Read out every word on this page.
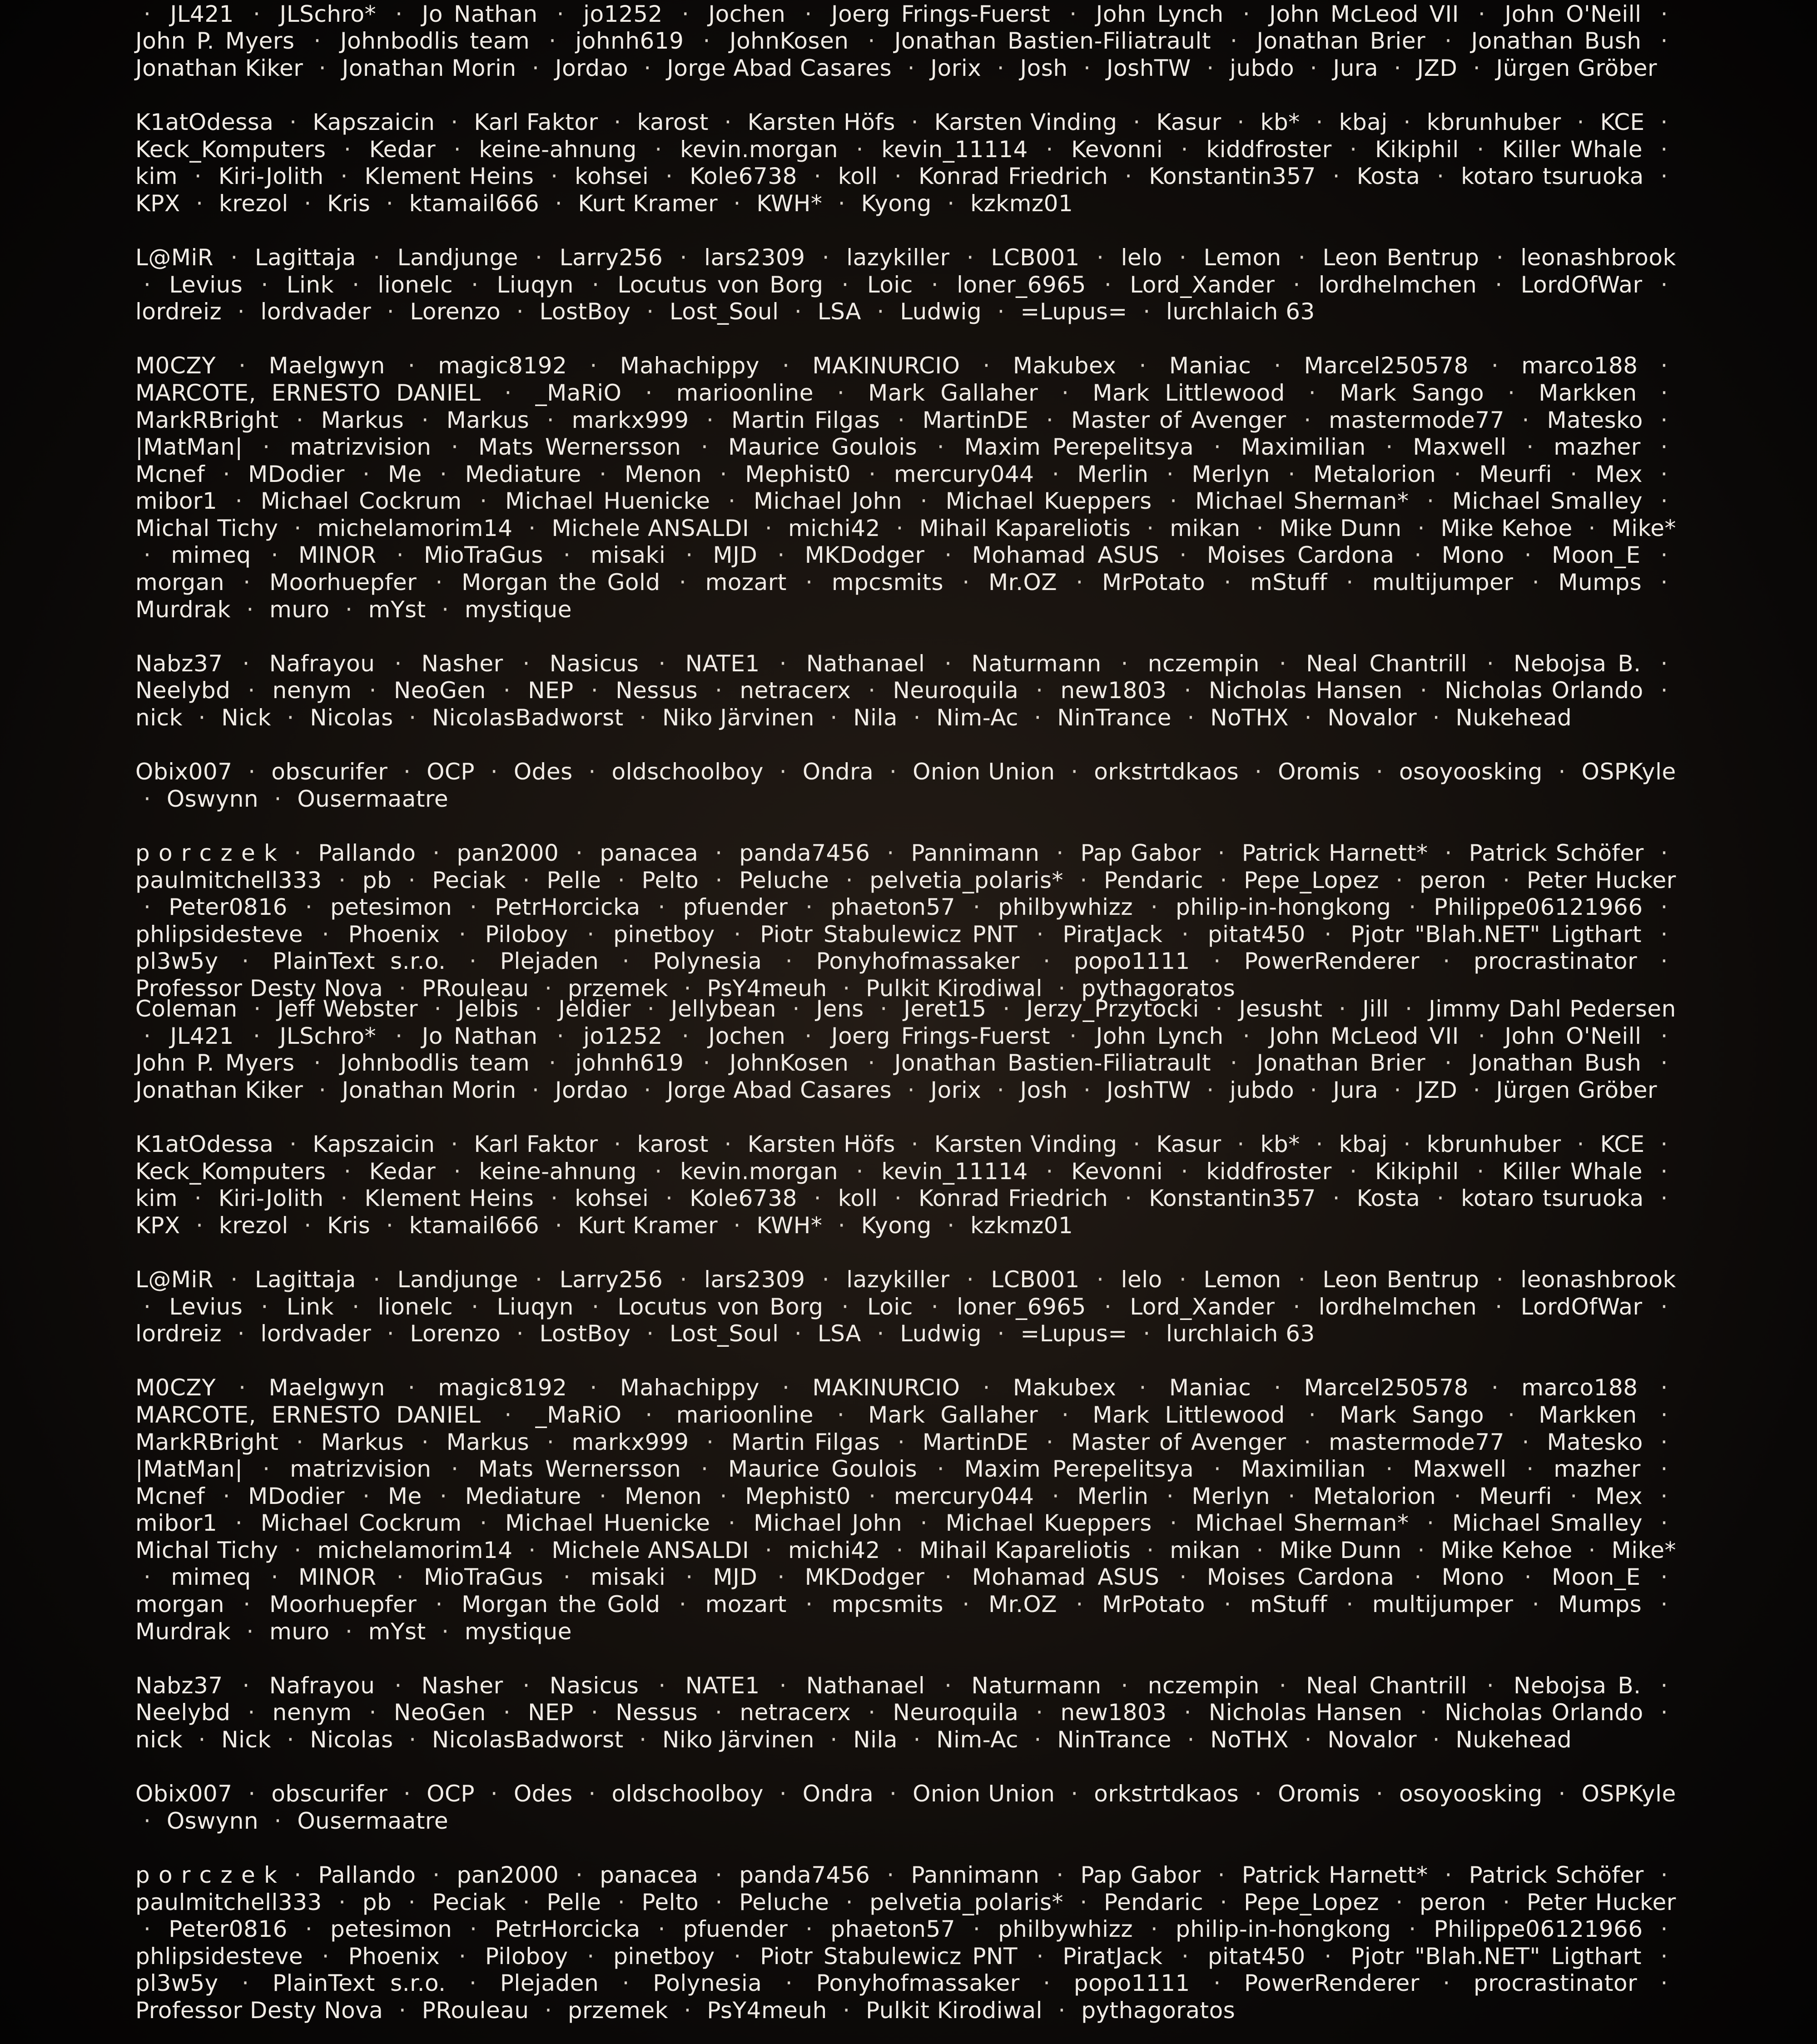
· JL421 · JLSchro* · Jo Nathan · jo1252 · Jochen · Joerg Frings-Fuerst · John Lynch · John McLeod VII · John O'Neill · John P. Myers · Johnbodlis team · johnh619 · JohnKosen · Jonathan Bastien-Filiatrault · Jonathan Brier · Jonathan Bush · Jonathan Kiker · Jonathan Morin · Jordao · Jorge Abad Casares · Jorix · Josh · JoshTW · jubdo · Jura · JZD · Jürgen Gröber

K1atOdessa · Kapszaicin · Karl Faktor · karost · Karsten Höfs · Karsten Vinding · Kasur · kb* · kbaj · kbrunhuber · KCE · Keck_Komputers · Kedar · keine-ahnung · kevin.morgan · kevin_11114 · Kevonni · kiddfroster · Kikiphil · Killer Whale · kim · Kiri-Jolith · Klement Heins · kohsei · Kole6738 · koll · Konrad Friedrich · Konstantin357 · Kosta · kotaro tsuruoka · KPX · krezol · Kris · ktamail666 · Kurt Kramer · KWH* · Kyong · kzkmz01

L@MiR · Lagittaja · Landjunge · Larry256 · lars2309 · lazykiller · LCB001 · lelo · Lemon · Leon Bentrup · leonashbrook · Levius · Link · lionelc · Liuqyn · Locutus von Borg · Loic · loner_6965 · Lord_Xander · lordhelmchen · LordOfWar · lordreiz · lordvader · Lorenzo · LostBoy · Lost_Soul · LSA · Ludwig · =Lupus= · lurchlaich 63

M0CZY · Maelgwyn · magic8192 · Mahachippy · MAKINURCIO · Makubex · Maniac · Marcel250578 · marco188 · MARCOTE, ERNESTO DANIEL · _MaRiO · marioonline · Mark Gallaher · Mark Littlewood · Mark Sango · Markken · MarkRBright · Markus · Markus · markx999 · Martin Filgas · MartinDE · Master of Avenger · mastermode77 · Matesko · |MatMan| · matrizvision · Mats Wernersson · Maurice Goulois · Maxim Perepelitsya · Maximilian · Maxwell · mazher · Mcnef · MDodier · Me · Mediature · Menon · Mephist0 · mercury044 · Merlin · Merlyn · Metalorion · Meurfi · Mex · mibor1 · Michael Cockrum · Michael Huenicke · Michael John · Michael Kueppers · Michael Sherman* · Michael Smalley · Michal Tichy · michelamorim14 · Michele ANSALDI · michi42 · Mihail Kapareliotis · mikan · Mike Dunn · Mike Kehoe · Mike* · mimeq · MINOR · MioTraGus · misaki · MJD · MKDodger · Mohamad ASUS · Moises Cardona · Mono · Moon_E · morgan · Moorhuepfer · Morgan the Gold · mozart · mpcsmits · Mr.OZ · MrPotato · mStuff · multijumper · Mumps · Murdrak · muro · mYst · mystique

Nabz37 · Nafrayou · Nasher · Nasicus · NATE1 · Nathanael · Naturmann · nczempin · Neal Chantrill · Nebojsa B. · Neelybd · nenym · NeoGen · NEP · Nessus · netracerx · Neuroquila · new1803 · Nicholas Hansen · Nicholas Orlando · nick · Nick · Nicolas · NicolasBadworst · Niko Järvinen · Nila · Nim-Ac · NinTrance · NoTHX · Novalor · Nukehead

Obix007 · obscurifer · OCP · Odes · oldschoolboy · Ondra · Onion Union · orkstrtdkaos · Oromis · osoyoosking · OSPKyle · Oswynn · Ousermaatre

p o r c z e k · Pallando · pan2000 · panacea · panda7456 · Pannimann · Pap Gabor · Patrick Harnett* · Patrick Schöfer · paulmitchell333 · pb · Peciak · Pelle · Pelto · Peluche · pelvetia_polaris* · Pendaric · Pepe_Lopez · peron · Peter Hucker · Peter0816 · petesimon · PetrHorcicka · pfuender · phaeton57 · philbywhizz · philip-in-hongkong · Philippe06121966 · phlipsidesteve · Phoenix · Piloboy · pinetboy · Piotr Stabulewicz PNT · PiratJack · pitat450 · Pjotr "Blah.NET" Ligthart · pl3w5y · PlainText s.r.o. · Plejaden · Polynesia · Ponyhofmassaker · popo1111 · PowerRenderer · procrastinator · Professor Desty Nova · PRouleau · przemek · PsY4meuh · Pulkit Kirodiwal · pythagoratos

Coleman · Jeff Webster · Jelbis · Jeldier · Jellybean · Jens · Jeret15 · Jerzy_Przytocki · Jesusht · Jill · Jimmy Dahl Pedersen · JL421 · JLSchro* · Jo Nathan · jo1252 · Jochen · Joerg Frings-Fuerst · John Lynch · John McLeod VII · John O'Neill · John P. Myers · Johnbodlis team · johnh619 · JohnKosen · Jonathan Bastien-Filiatrault · Jonathan Brier · Jonathan Bush · Jonathan Kiker · Jonathan Morin · Jordao · Jorge Abad Casares · Jorix · Josh · JoshTW · jubdo · Jura · JZD · Jürgen Gröber

K1atOdessa · Kapszaicin · Karl Faktor · karost · Karsten Höfs · Karsten Vinding · Kasur · kb* · kbaj · kbrunhuber · KCE · Keck_Komputers · Kedar · keine-ahnung · kevin.morgan · kevin_11114 · Kevonni · kiddfroster · Kikiphil · Killer Whale · kim · Kiri-Jolith · Klement Heins · kohsei · Kole6738 · koll · Konrad Friedrich · Konstantin357 · Kosta · kotaro tsuruoka · KPX · krezol · Kris · ktamail666 · Kurt Kramer · KWH* · Kyong · kzkmz01

L@MiR · Lagittaja · Landjunge · Larry256 · lars2309 · lazykiller · LCB001 · lelo · Lemon · Leon Bentrup · leonashbrook · Levius · Link · lionelc · Liuqyn · Locutus von Borg · Loic · loner_6965 · Lord_Xander · lordhelmchen · LordOfWar · lordreiz · lordvader · Lorenzo · LostBoy · Lost_Soul · LSA · Ludwig · =Lupus= · lurchlaich 63

M0CZY · Maelgwyn · magic8192 · Mahachippy · MAKINURCIO · Makubex · Maniac · Marcel250578 · marco188 · MARCOTE, ERNESTO DANIEL · _MaRiO · marioonline · Mark Gallaher · Mark Littlewood · Mark Sango · Markken · MarkRBright · Markus · Markus · markx999 · Martin Filgas · MartinDE · Master of Avenger · mastermode77 · Matesko · |MatMan| · matrizvision · Mats Wernersson · Maurice Goulois · Maxim Perepelitsya · Maximilian · Maxwell · mazher · Mcnef · MDodier · Me · Mediature · Menon · Mephist0 · mercury044 · Merlin · Merlyn · Metalorion · Meurfi · Mex · mibor1 · Michael Cockrum · Michael Huenicke · Michael John · Michael Kueppers · Michael Sherman* · Michael Smalley · Michal Tichy · michelamorim14 · Michele ANSALDI · michi42 · Mihail Kapareliotis · mikan · Mike Dunn · Mike Kehoe · Mike* · mimeq · MINOR · MioTraGus · misaki · MJD · MKDodger · Mohamad ASUS · Moises Cardona · Mono · Moon_E · morgan · Moorhuepfer · Morgan the Gold · mozart · mpcsmits · Mr.OZ · MrPotato · mStuff · multijumper · Mumps · Murdrak · muro · mYst · mystique

Nabz37 · Nafrayou · Nasher · Nasicus · NATE1 · Nathanael · Naturmann · nczempin · Neal Chantrill · Nebojsa B. · Neelybd · nenym · NeoGen · NEP · Nessus · netracerx · Neuroquila · new1803 · Nicholas Hansen · Nicholas Orlando · nick · Nick · Nicolas · NicolasBadworst · Niko Järvinen · Nila · Nim-Ac · NinTrance · NoTHX · Novalor · Nukehead

Obix007 · obscurifer · OCP · Odes · oldschoolboy · Ondra · Onion Union · orkstrtdkaos · Oromis · osoyoosking · OSPKyle · Oswynn · Ousermaatre

p o r c z e k · Pallando · pan2000 · panacea · panda7456 · Pannimann · Pap Gabor · Patrick Harnett* · Patrick Schöfer · paulmitchell333 · pb · Peciak · Pelle · Pelto · Peluche · pelvetia_polaris* · Pendaric · Pepe_Lopez · peron · Peter Hucker · Peter0816 · petesimon · PetrHorcicka · pfuender · phaeton57 · philbywhizz · philip-in-hongkong · Philippe06121966 · phlipsidesteve · Phoenix · Piloboy · pinetboy · Piotr Stabulewicz PNT · PiratJack · pitat450 · Pjotr "Blah.NET" Ligthart · pl3w5y · PlainText s.r.o. · Plejaden · Polynesia · Ponyhofmassaker · popo1111 · PowerRenderer · procrastinator · Professor Desty Nova · PRouleau · przemek · PsY4meuh · Pulkit Kirodiwal · pythagoratos
